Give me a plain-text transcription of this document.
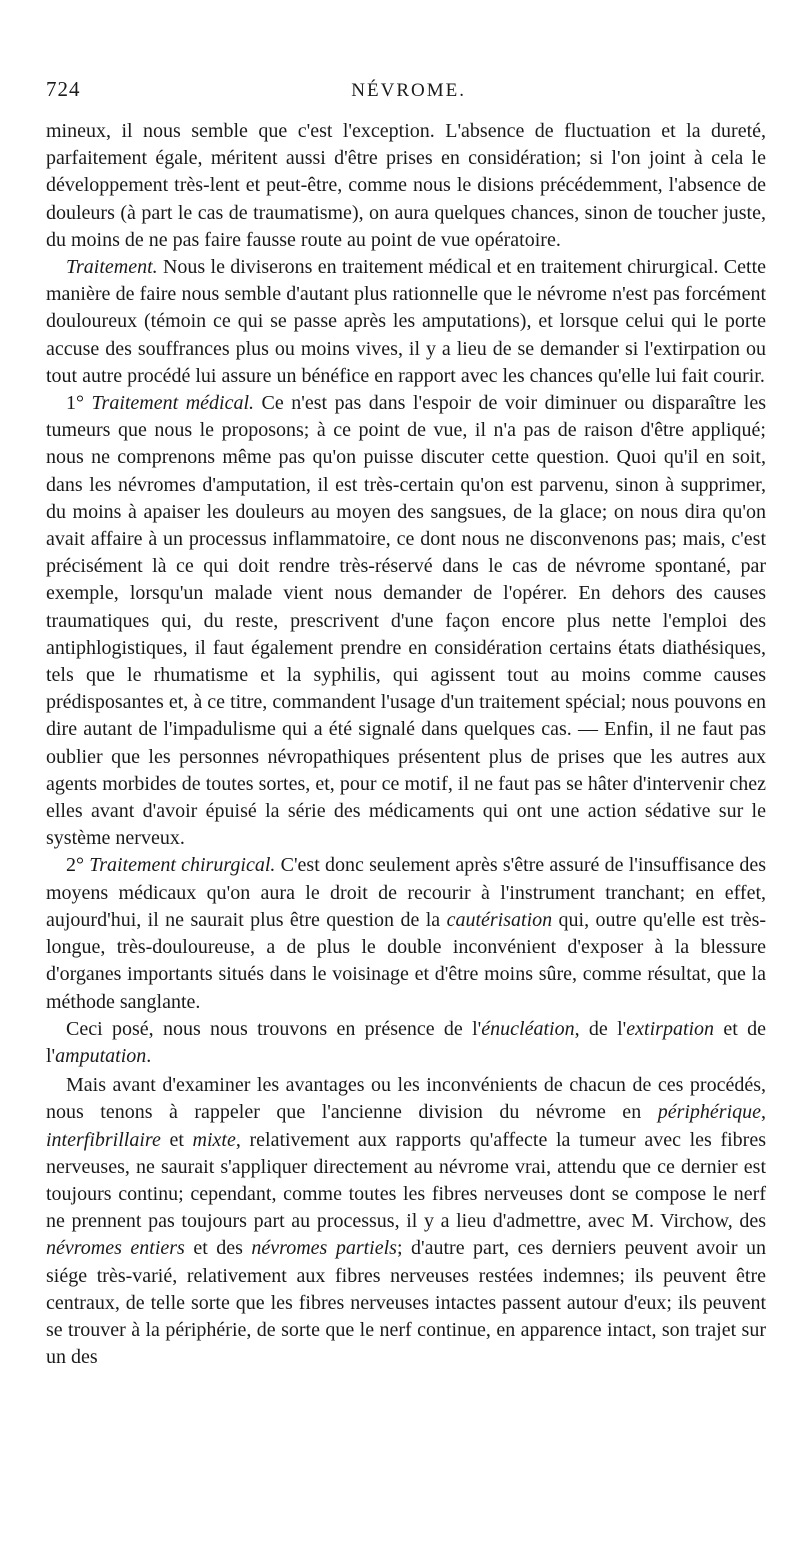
724	NÉVROME.

mineux, il nous semble que c'est l'exception. L'absence de fluctuation et la dureté, parfaitement égale, méritent aussi d'être prises en considération; si l'on joint à cela le développement très-lent et peut-être, comme nous le disions précédemment, l'absence de douleurs (à part le cas de traumatisme), on aura quelques chances, sinon de toucher juste, du moins de ne pas faire fausse route au point de vue opératoire.

Traitement. Nous le diviserons en traitement médical et en traitement chirurgical. Cette manière de faire nous semble d'autant plus rationnelle que le névrome n'est pas forcément douloureux (témoin ce qui se passe après les amputations), et lorsque celui qui le porte accuse des souffrances plus ou moins vives, il y a lieu de se demander si l'extirpation ou tout autre procédé lui assure un bénéfice en rapport avec les chances qu'elle lui fait courir.

1° Traitement médical. Ce n'est pas dans l'espoir de voir diminuer ou disparaître les tumeurs que nous le proposons; à ce point de vue, il n'a pas de raison d'être appliqué; nous ne comprenons même pas qu'on puisse discuter cette question. Quoi qu'il en soit, dans les névromes d'amputation, il est très-certain qu'on est parvenu, sinon à supprimer, du moins à apaiser les douleurs au moyen des sangsues, de la glace; on nous dira qu'on avait affaire à un processus inflammatoire, ce dont nous ne disconvenons pas; mais, c'est précisément là ce qui doit rendre très-réservé dans le cas de névrome spontané, par exemple, lorsqu'un malade vient nous demander de l'opérer. En dehors des causes traumatiques qui, du reste, prescrivent d'une façon encore plus nette l'emploi des antiphlogistiques, il faut également prendre en considération certains états diathésiques, tels que le rhumatisme et la syphilis, qui agissent tout au moins comme causes prédisposantes et, à ce titre, commandent l'usage d'un traitement spécial; nous pouvons en dire autant de l'impadulisme qui a été signalé dans quelques cas. — Enfin, il ne faut pas oublier que les personnes névropathiques présentent plus de prises que les autres aux agents morbides de toutes sortes, et, pour ce motif, il ne faut pas se hâter d'intervenir chez elles avant d'avoir épuisé la série des médicaments qui ont une action sédative sur le système nerveux.

2° Traitement chirurgical. C'est donc seulement après s'être assuré de l'insuffisance des moyens médicaux qu'on aura le droit de recourir à l'instrument tranchant; en effet, aujourd'hui, il ne saurait plus être question de la cautérisation qui, outre qu'elle est très-longue, très-douloureuse, a de plus le double inconvénient d'exposer à la blessure d'organes importants situés dans le voisinage et d'être moins sûre, comme résultat, que la méthode sanglante.

Ceci posé, nous nous trouvons en présence de l'énucléation, de l'extirpation et de l'amputation.

Mais avant d'examiner les avantages ou les inconvénients de chacun de ces procédés, nous tenons à rappeler que l'ancienne division du névrome en périphérique, interfibrillaire et mixte, relativement aux rapports qu'affecte la tumeur avec les fibres nerveuses, ne saurait s'appliquer directement au névrome vrai, attendu que ce dernier est toujours continu; cependant, comme toutes les fibres nerveuses dont se compose le nerf ne prennent pas toujours part au processus, il y a lieu d'admettre, avec M. Virchow, des névromes entiers et des névromes partiels; d'autre part, ces derniers peuvent avoir un siége très-varié, relativement aux fibres nerveuses restées indemnes; ils peuvent être centraux, de telle sorte que les fibres nerveuses intactes passent autour d'eux; ils peuvent se trouver à la périphérie, de sorte que le nerf continue, en apparence intact, son trajet sur un des
